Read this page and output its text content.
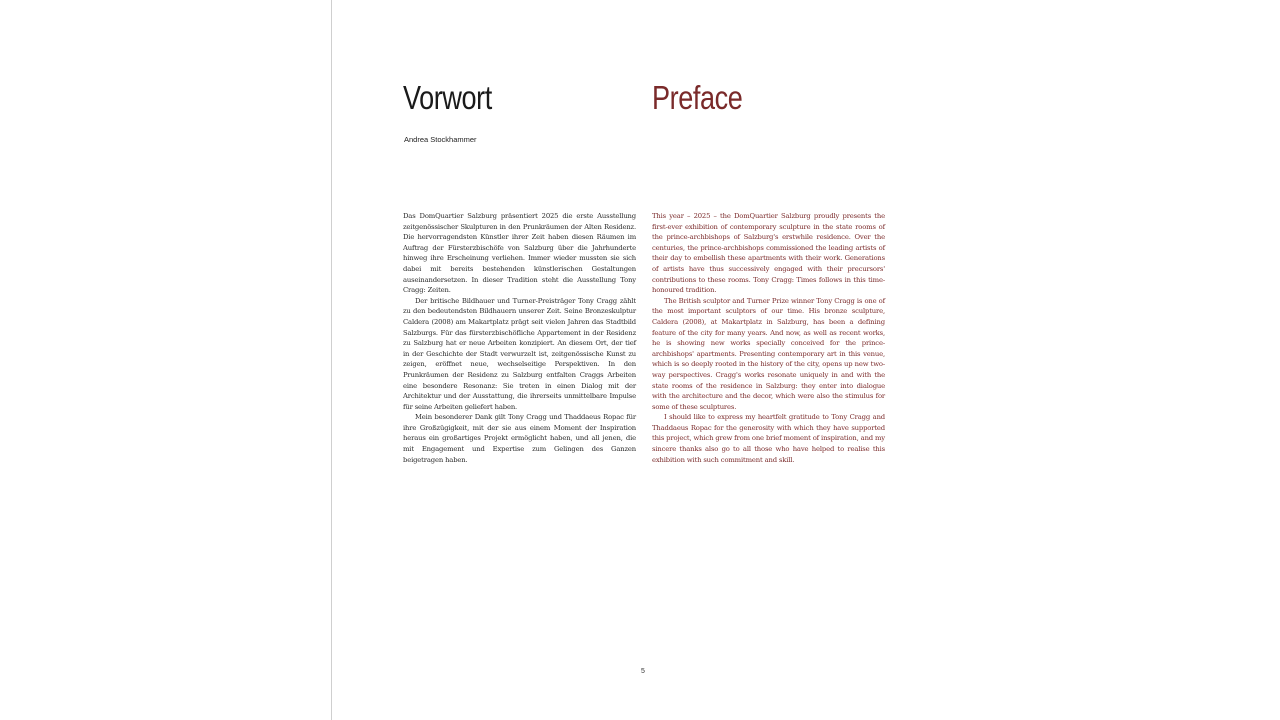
Vorwort	Preface
Andrea Stockhammer

Das DomQuartier Salzburg präsentiert 2025 die erste Ausstellung zeitgenössischer Skulpturen in den Prunkräumen der Alten Residenz. Die hervorragendsten Künstler ihrer Zeit haben diesen Räumen im Auftrag der Fürsterzbischöfe von Salzburg über die Jahrhunderte hinweg ihre Erscheinung verliehen. Immer wieder mussten sie sich dabei mit bereits bestehenden künstlerischen Gestaltungen auseinandersetzen. In dieser Tradition steht die Ausstellung Tony Cragg: Zeiten.

Der britische Bildhauer und Turner-Preisträger Tony Cragg zählt zu den bedeutendsten Bildhauern unserer Zeit. Seine Bronzeskulptur Caldera (2008) am Makartplatz prägt seit vielen Jahren das Stadtbild Salzburgs. Für das fürsterzbischöfliche Appartement in der Residenz zu Salzburg hat er neue Arbeiten konzipiert. An diesem Ort, der tief in der Geschichte der Stadt verwurzelt ist, zeitgenössische Kunst zu zeigen, eröffnet neue, wechselseitige Perspektiven. In den Prunkräumen der Residenz zu Salzburg entfalten Craggs Arbeiten eine besondere Resonanz: Sie treten in einen Dialog mit der Architektur und der Ausstattung, die ihrerseits unmittelbare Impulse für seine Arbeiten geliefert haben.

Mein besonderer Dank gilt Tony Cragg und Thaddaeus Ropac für ihre Großzügigkeit, mit der sie aus einem Moment der Inspiration heraus ein großartiges Projekt ermöglicht haben, und all jenen, die mit Engagement und Expertise zum Gelingen des Ganzen beigetragen haben.

This year – 2025 – the DomQuartier Salzburg proudly presents the first-ever exhibition of contemporary sculpture in the state rooms of the prince-archbishops of Salzburg's erstwhile residence. Over the centuries, the prince-archbishops commissioned the leading artists of their day to embellish these apartments with their work. Generations of artists have thus successively engaged with their precursors' contributions to these rooms. Tony Cragg: Times follows in this time-honoured tradition.

The British sculptor and Turner Prize winner Tony Cragg is one of the most important sculptors of our time. His bronze sculpture, Caldera (2008), at Makartplatz in Salzburg, has been a defining feature of the city for many years. And now, as well as recent works, he is showing new works specially conceived for the prince-archbishops' apartments. Presenting contemporary art in this venue, which is so deeply rooted in the history of the city, opens up new two-way perspectives. Cragg's works resonate uniquely in and with the state rooms of the residence in Salzburg: they enter into dialogue with the architecture and the decor, which were also the stimulus for some of these sculptures.

I should like to express my heartfelt gratitude to Tony Cragg and Thaddaeus Ropac for the generosity with which they have supported this project, which grew from one brief moment of inspiration, and my sincere thanks also go to all those who have helped to realise this exhibition with such commitment and skill.

5
